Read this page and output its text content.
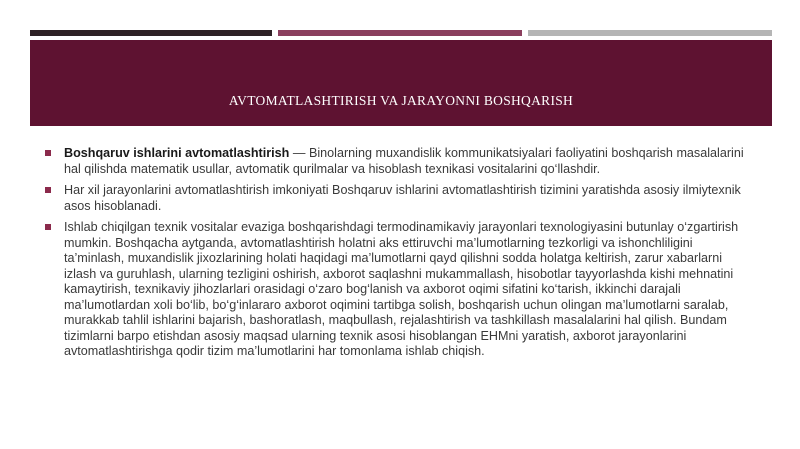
AVTOMATLASHTIRISH VA JARAYONNI BOSHQARISH
Boshqaruv ishlarini avtomatlashtirish — Binolarning muxandislik kommunikatsiyalari faoliyatini boshqarish masalalarini hal qilishda matematik usullar, avtomatik qurilmalar va hisoblash texnikasi vositalarini qo‘llashdir.
Har xil jarayonlarini avtomatlashtirish imkoniyati Boshqaruv ishlarini avtomatlashtirish tizimini yaratishda asosiy ilmiytexnik asos hisoblanadi.
Ishlab chiqilgan texnik vositalar evaziga boshqarishdagi termodinamikaviy jarayonlari texnologiyasini butunlay o‘zgartirish mumkin. Boshqacha aytganda, avtomatlashtirish holatni aks ettiruvchi ma’lumotlarning tezkorligi va ishonchliligini ta’minlash, muxandislik jixozlarining holati haqidagi ma’lumotlarni qayd qilishni sodda holatga keltirish, zarur xabarlarni izlash va guruhlash, ularning tezligini oshirish, axborot saqlashni mukammallash, hisobotlar tayyorlashda kishi mehnatini kamaytirish, texnikaviy jihozlarlari orasidagi o‘zaro bog‘lanish va axborot oqimi sifatini ko‘tarish, ikkinchi darajali ma’lumotlardan xoli bo‘lib, bo‘g‘inlararo axborot oqimini tartibga solish, boshqarish uchun olingan ma’lumotlarni saralab, murakkab tahlil ishlarini bajarish, bashoratlash, maqbullash, rejalashtirish va tashkillash masalalarini hal qilish. Bundam tizimlarni barpo etishdan asosiy maqsad ularning texnik asosi hisoblangan EHMni yaratish, axborot jarayonlarini avtomatlashtirishga qodir tizim ma’lumotlarini har tomonlama ishlab chiqish.
